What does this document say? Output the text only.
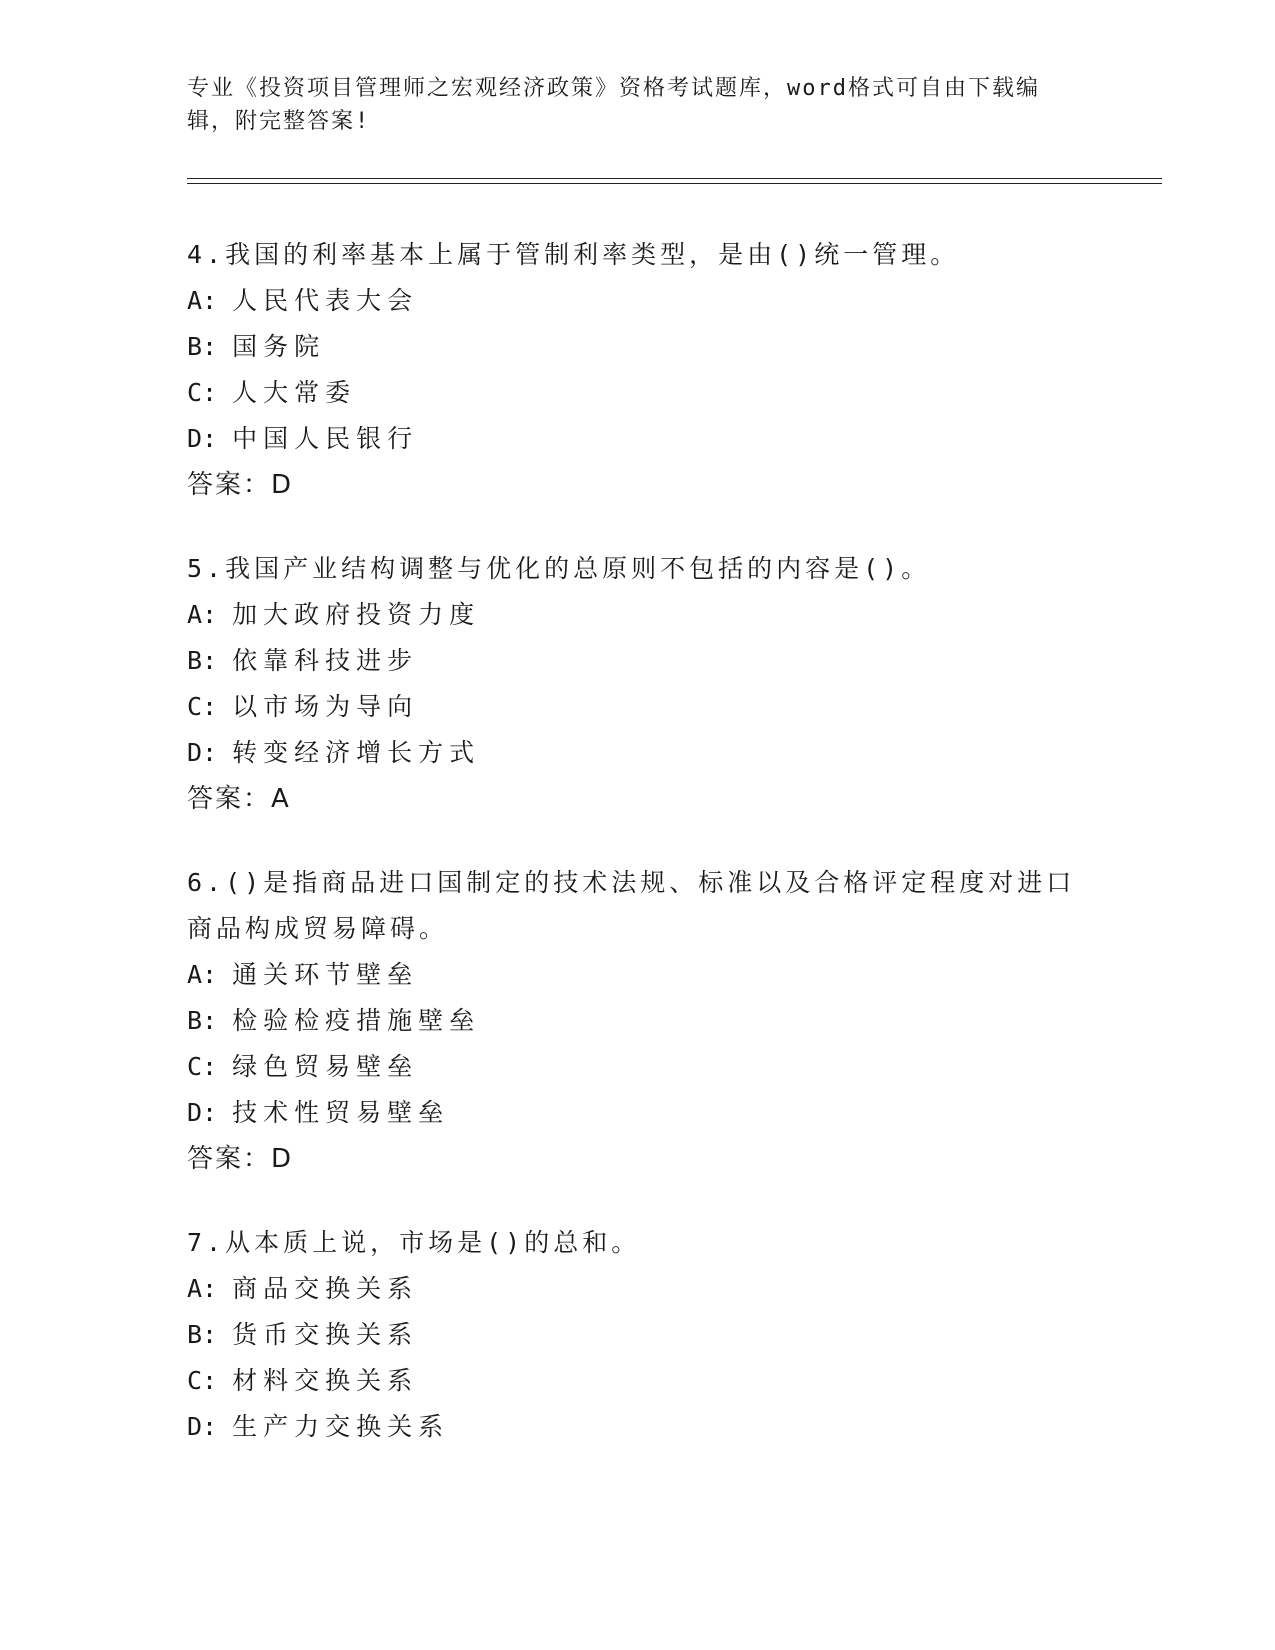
专业《投资项目管理师之宏观经济政策》资格考试题库，word格式可自由下载编
辑，附完整答案!
4.我国的利率基本上属于管制利率类型，是由()统一管理。
A: 人民代表大会
B: 国务院
C: 人大常委
D: 中国人民银行
答案：D
5.我国产业结构调整与优化的总原则不包括的内容是()。
A: 加大政府投资力度
B: 依靠科技进步
C: 以市场为导向
D: 转变经济增长方式
答案：A
6.()是指商品进口国制定的技术法规、标准以及合格评定程度对进口
商品构成贸易障碍。
A: 通关环节壁垒
B: 检验检疫措施壁垒
C: 绿色贸易壁垒
D: 技术性贸易壁垒
答案：D
7.从本质上说，市场是()的总和。
A: 商品交换关系
B: 货币交换关系
C: 材料交换关系
D: 生产力交换关系
